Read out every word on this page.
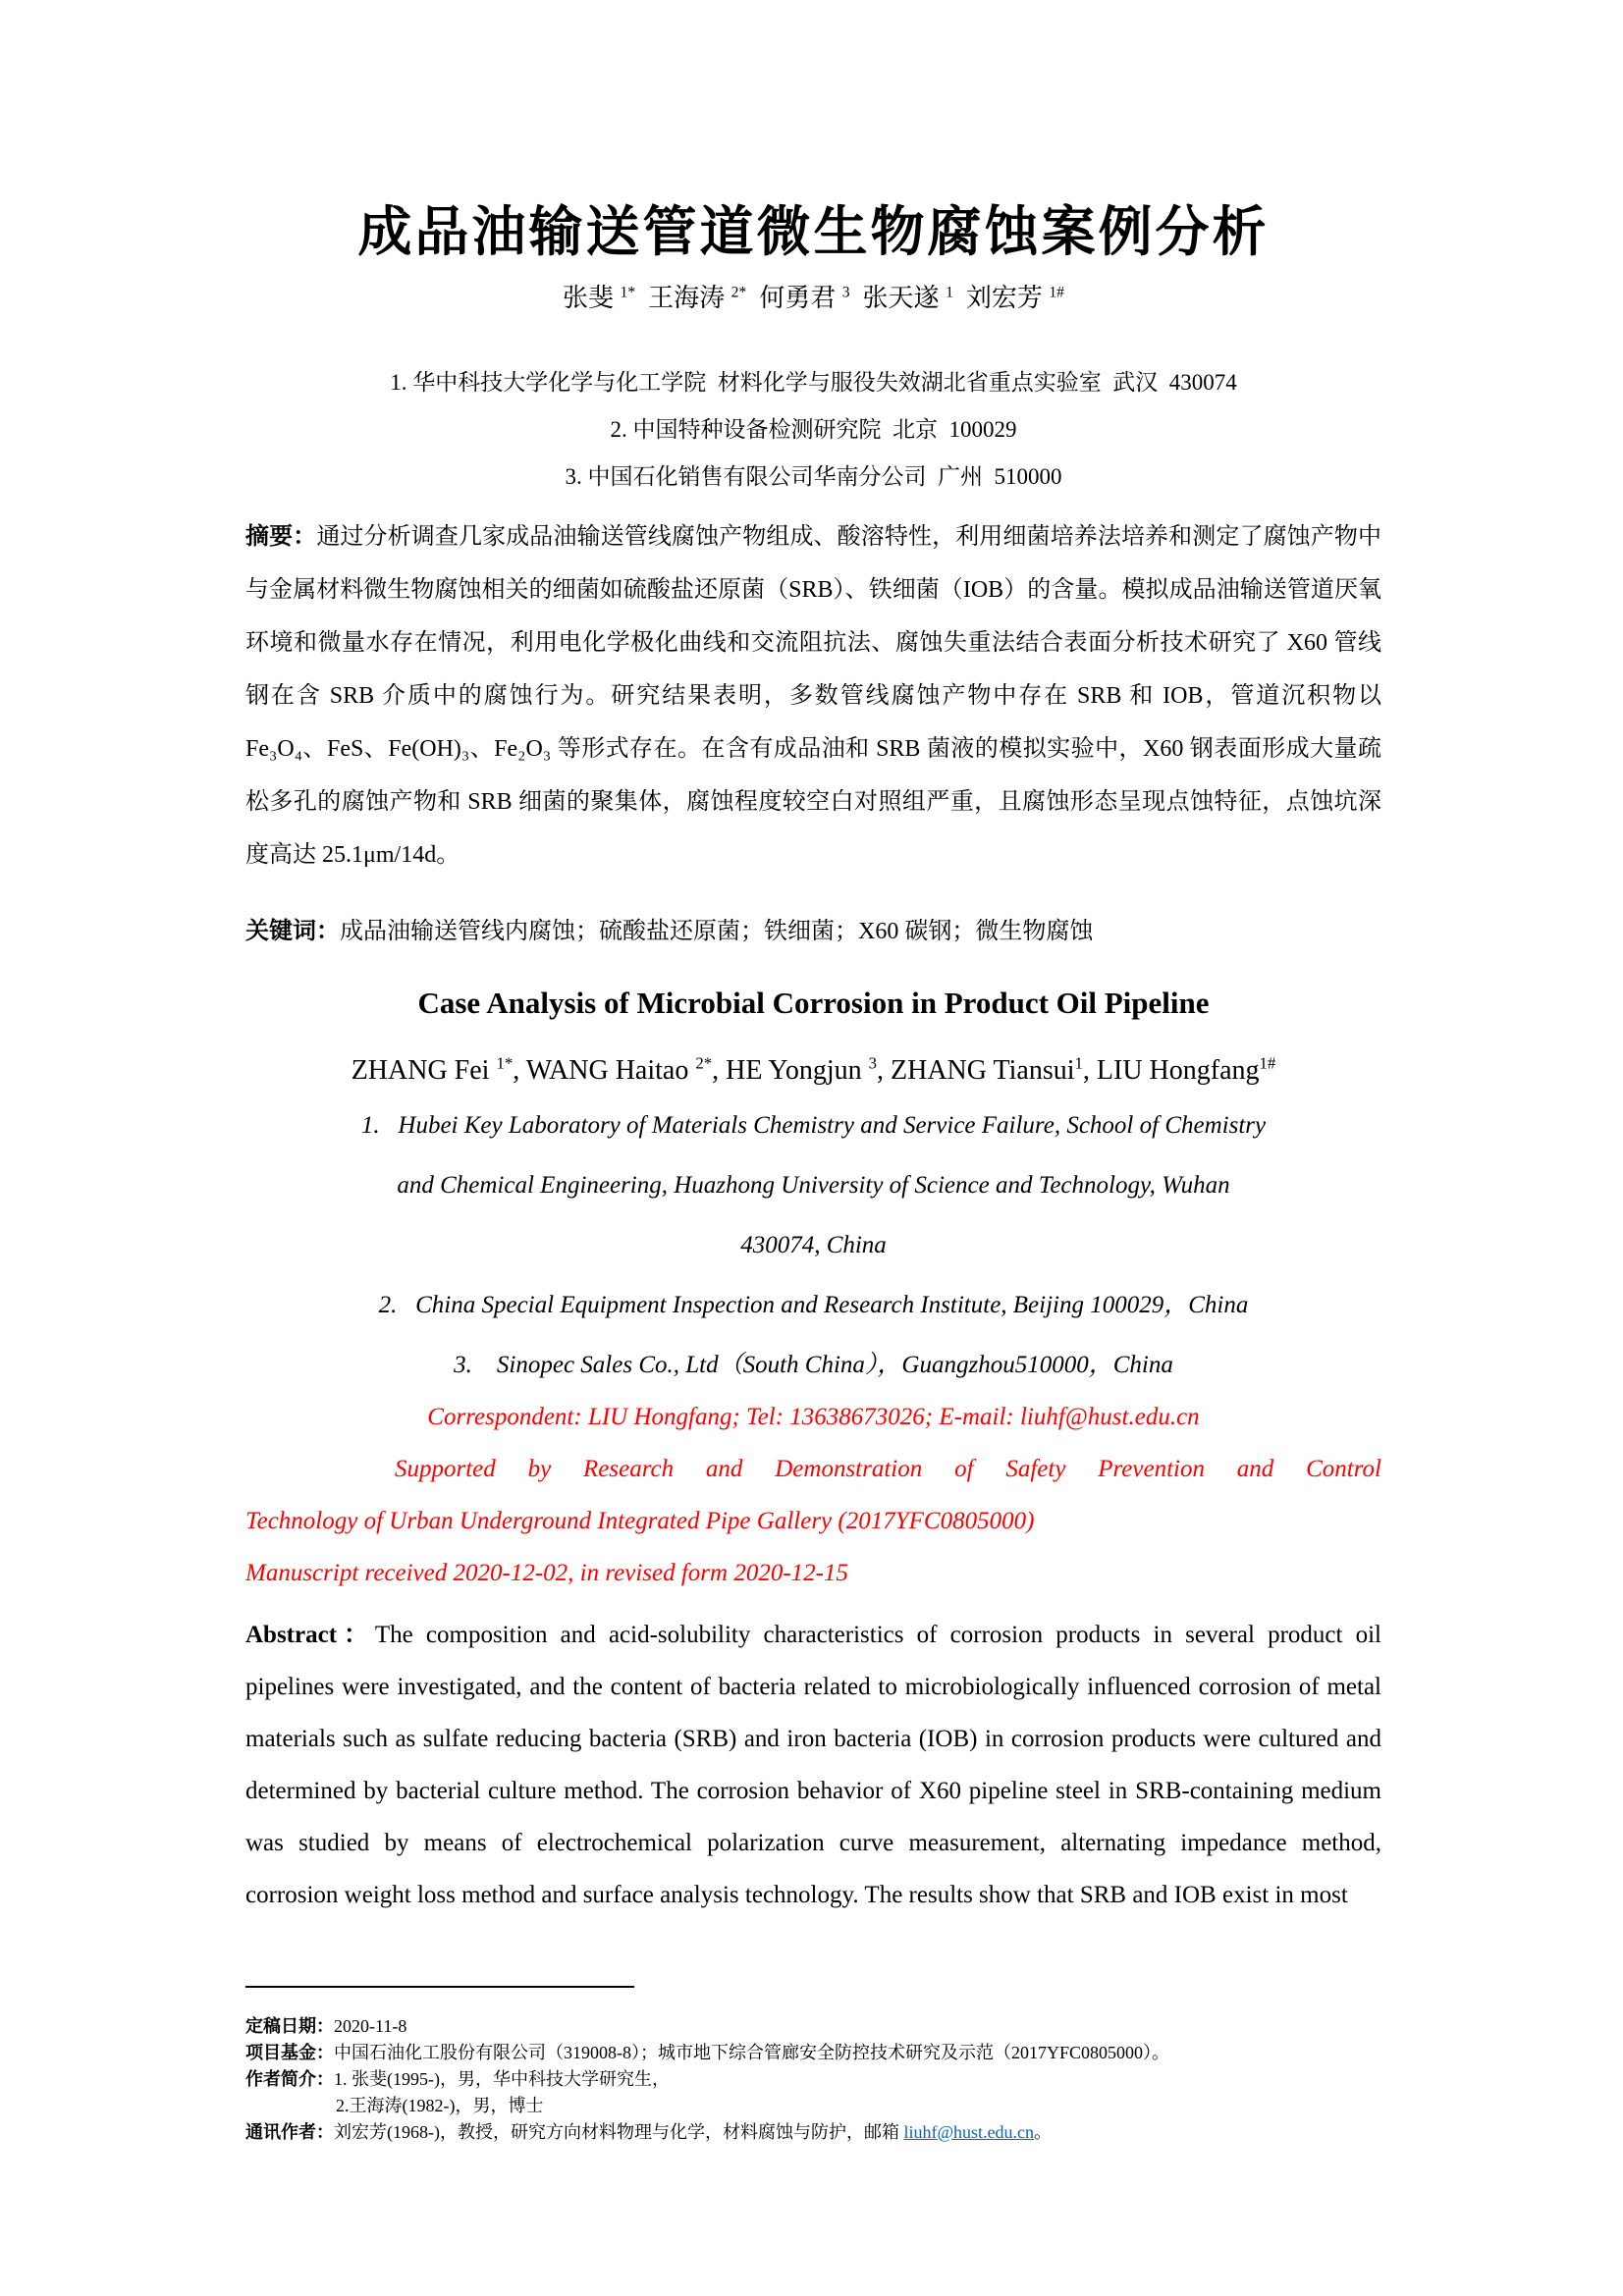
成品油输送管道微生物腐蚀案例分析
张斐 $^{1*}$  王海涛 $^{2*}$  何勇君 $^3$  张天遂 $^1$  刘宏芳 $^{1\#}$

1. 华中科技大学化学与化工学院  材料化学与服役失效湖北省重点实验室  武汉  430074
2. 中国特种设备检测研究院  北京  100029
3. 中国石化销售有限公司华南分公司  广州  510000

摘要：通过分析调查几家成品油输送管线腐蚀产物组成、酸溶特性，利用细菌培养法培养和测定了腐蚀产物中与金属材料微生物腐蚀相关的细菌如硫酸盐还原菌（SRB）、铁细菌（IOB）的含量。模拟成品油输送管道厌氧环境和微量水存在情况，利用电化学极化曲线和交流阻抗法、腐蚀失重法结合表面分析技术研究了 X60 管线钢在含 SRB 介质中的腐蚀行为。研究结果表明，多数管线腐蚀产物中存在 SRB 和 IOB，管道沉积物以 Fe₃O₄、FeS、Fe(OH)₃、Fe₂O₃ 等形式存在。在含有成品油和 SRB 菌液的模拟实验中，X60 钢表面形成大量疏松多孔的腐蚀产物和 SRB 细菌的聚集体，腐蚀程度较空白对照组严重，且腐蚀形态呈现点蚀特征，点蚀坑深度高达 25.1μm/14d。

关键词：成品油输送管线内腐蚀；硫酸盐还原菌；铁细菌；X60 碳钢；微生物腐蚀

Case Analysis of Microbial Corrosion in Product Oil Pipeline
ZHANG Fei $^{1*}$, WANG Haitao $^{2*}$, HE Yongjun $^3$, ZHANG Tiansui$^1$, LIU Hongfang$^{1\#}$
1.   Hubei Key Laboratory of Materials Chemistry and Service Failure, School of Chemistry
and Chemical Engineering, Huazhong University of Science and Technology, Wuhan
430074, China
2.   China Special Equipment Inspection and Research Institute, Beijing 100029，China
3.    Sinopec Sales Co., Ltd（South China），Guangzhou510000，China
Correspondent: LIU Hongfang; Tel: 13638673026; E-mail: liuhf@hust.edu.cn
Supported by Research and Demonstration of Safety Prevention and Control
Technology of Urban Underground Integrated Pipe Gallery (2017YFC0805000)
Manuscript received 2020-12-02, in revised form 2020-12-15

Abstract：The composition and acid-solubility characteristics of corrosion products in several product oil pipelines were investigated, and the content of bacteria related to microbiologically influenced corrosion of metal materials such as sulfate reducing bacteria (SRB) and iron bacteria (IOB) in corrosion products were cultured and determined by bacterial culture method. The corrosion behavior of X60 pipeline steel in SRB-containing medium was studied by means of electrochemical polarization curve measurement, alternating impedance method, corrosion weight loss method and surface analysis technology. The results show that SRB and IOB exist in most

定稿日期：2020-11-8
项目基金：中国石油化工股份有限公司（319008-8）；城市地下综合管廊安全防控技术研究及示范（2017YFC0805000）。
作者简介：1. 张斐(1995-)，男，华中科技大学研究生，
2.王海涛(1982-)，男，博士
通讯作者：刘宏芳(1968-)，教授，研究方向材料物理与化学，材料腐蚀与防护，邮箱 liuhf@hust.edu.cn。
